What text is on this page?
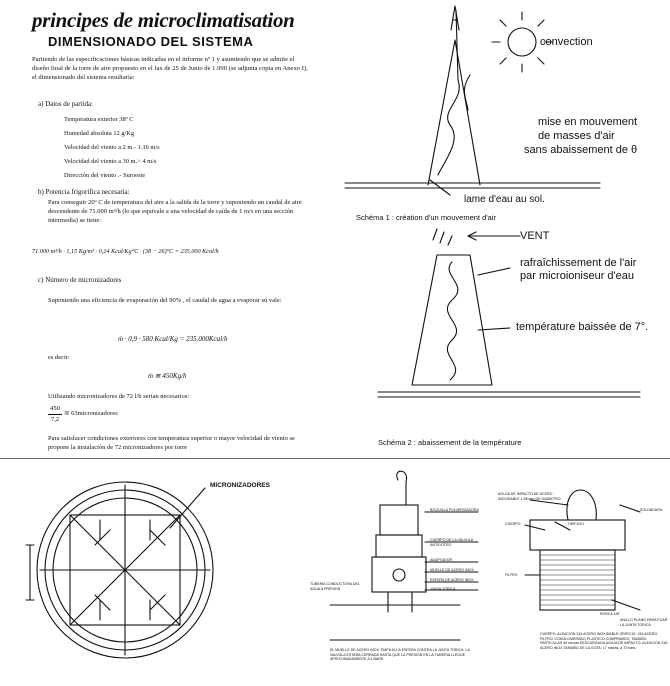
principes de microclimatisation
DIMENSIONADO DEL SISTEMA
Partiendo de las especificaciones básicas indicadas en el informe nº 1 y asumiendo que se admite el diseño final de la torre de aire propuesto en el fax de 25 de Junio de 1.990 (se adjunta copia en Anexo I), el dimensionado del sistema resultaría:
a) Datos de partida:
Temperatura exterior 38º C
Humedad absoluta 12 g/Kg
Velocidad del viento a 2 m.- 1.16 m/s
Velocidad del viento a 30 m.> 4 m/s
Dirección del viento .- Suroeste
b) Potencia frigorífica necesaria:
Para conseguir 20º C de temperatura del aire a la salida de la torre y suponiendo un caudal de aire descendente de 71.000 m³/h (lo que equivale a una velocidad de caída de 1 m/s en una sección intermedia) se tiene:
71.000 m³/h · 1,15 Kg/m³ · 0,24 Kcal/Kg°C · (38 − 26)°C = 235.000 Kcal/h
c) Número de micronizadores
Suponiendo una eficiencia de evaporación del 90% , el caudal de agua a evaporar sú vale:
ṁ · 0,9 · 580 Kcal/Kg = 235.000Kcal/h
es decir:
ṁ ≅ 450Kg/h
Utilizando micronizadores de 72 l/h serían necesarios:
450
7,2
≅ 63micronizadores
Para satisfacer condiciones exteriores con temperatura superior o mayor velocidad de viento se propone la instalación de 72 micronizadores por torre
convection
mise en mouvement
de masses d'air
sans abaissement de θ
lame d'eau au sol.
Schéma 1 : création d'un mouvement d'air
VENT
rafraîchissement de l'air
par microioniseur d'eau
température baissée de 7°.
Schéma 2 : abaissement de la température
MICRONIZADORES
BOQUILLA PULVERIZADORA
CUERPO DE LA VALVULA ANTIGOTEO
ADAPTADOR
MUELLE DE ACERO INOX.
ESFERA DE ACERO INOX.
JUNTA TORICA
TUBERIA CONDUCTORA DEL AGUA A PRESION
EL MUELLE DE ACERO INOX. EMPUJA LA ESFERA CONTRA LA JUNTA TORICA. LA VALVULA ESTARA CERRADA HASTA QUE LA PRESION EN LA TUBERIA LLEGUE APROXIMADAMENTE A 4 BARS.
AGUJA DE IMPACTO DE ACERO INOXIDABLE 1,58 mm DE DIAMETRO
SOLDADURA
CUERPO	ORIFICIO
FILTRO
ROSCA 1/8"
ANILLO PLANO PARA FIJAR LA JUNTA TORICA
CUERPO: ALEACION 316 ACERO INOXIDABLE ORIFICIO: 316 ACERO FILTRO: CONGLOMERADO PLASTICO COMPRIMIDO, TAMAÑO PARTICULAS 40 micras DESCARGADA AGUJA DE IMPACTO: ALEACION 316 ACERO INOX TAMAÑO DE LA GOTA: 17 micras, a 70 bars.
